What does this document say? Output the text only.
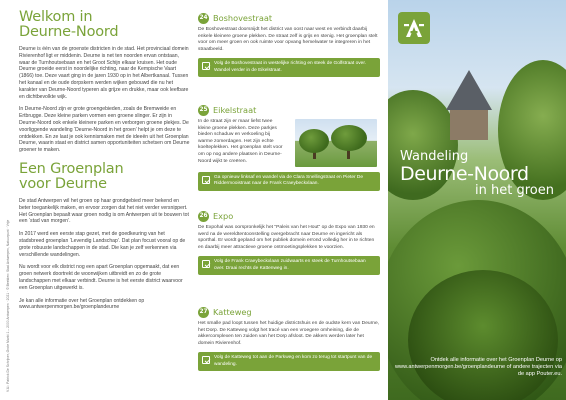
V.U.: Patrick De Schrijver, Grote Markt 1 – 2000 Antwerpen · 2021 · © Beelden: Stad Antwerpen, Natuurpunt · Vrije
Welkom in
Deurne-Noord

Deurne is één van de groenste districten in de stad. Het provinciaal domein Rivierenhof ligt er middenin. Deurne is net ten noorden ervan ontstaan, waar de Turnhoutsebaan en het Groot Schijn elkaar kruisen. Het oude Deurne groeide eerst in noordelijke richting, naar de Kempische Vaart (1866) toe. Deze vaart ging in de jaren 1930 op in het Albertkanaal. Tussen het kanaal en de oude dorpskern werden wijken gebouwd die nu het karakter van Deurne-Noord typeren als grijze en drukke, maar ook leefbare en dichtbevolkte wijk.

In Deurne-Noord zijn er grote groengebieden, zoals de Bremweide en Ertbrugge. Deze kleine parken vormen een groene slinger. Er zijn in Deurne-Noord ook enkele kleinere parken en verborgen groene plekjes. De voorliggende wandeling ‘Deurne-Noord in het groen’ helpt je om deze te ontdekken. En ze laat je ook kennismaken met de ideeën uit het Groenplan Deurne, waarin staat en district samen opportuniteiten schetsen om Deurne groener te maken.

Een Groenplan
voor Deurne

De stad Antwerpen wil het groen op haar grondgebied meer bekend en beter toegankelijk maken, en ervoor zorgen dat het niet verder versnippert. Het Groenplan bepaalt waar groen nodig is om Antwerpen uit te bouwen tot een ‘stad van morgen’.

In 2017 werd een eerste stap gezet, met de goedkeuring van het stadsbreed groenplan ‘Levendig Landschap’. Dat plan focust vooral op de grote robuuste landschappen in de stad. Die kan je zelf verkennen via verschillende wandelingen.

Nu wordt voor elk district nog een apart Groenplan opgemaakt, dat een groen netwerk doortrekt de woonwijken uitbreidt en zo de grote landschappen met elkaar verbindt. Deurne is het eerste district waarvoor een Groenplan uitgewerkt is.

Je kan alle informatie over het Groenplan ontdekken op www.antwerpenmorgen.be/groenplandeurne

24 Boshovestraat
De Boshovestraat doorsnijdt het district van oost naar west en verbindt daarbij enkele kleinere groene plekken. De straat zelf is grijs en stenig. Het groenplan stelt voor om meer groen en ook ruimte voor opvang hemelwater te integreren in het straatbeeld.
Volg de Boshovestraat in westelijke richting en steek de Golfstraat over. Wandel verder in de Eikelstraat.
25 Eikelstraat
In de straat zijn er maar liefst twee kleine groene plekken. Deze parkjes bieden schaduw en verkoeling bij warme zomerdagen. Het zijn echte koelteplekken. Het groenplan stelt voor om op nog andere plaatsen in Deurne-Noord wijkt te creëren.
Ga opnieuw linksaf en wandel via de Clara Snellingstraat en Pieter De Riddermooistraat naar de Frank Craeybeckxlaan.
26 Expo
De Expohal was oorspronkelijk het "Paleis van het Hout" op de Expo van 1930 en werd na de wereldtentoonstelling overgebracht naar Deurne en ingericht als sporthal. Er wordt gepland om het publiek domein errond volledig her in te richten en daarbij meer attractieve groene ontmoetingsplekken te voorzien.
Volg de Frank Craeybeckxlaan zuidwaarts en steek de Turnhoutsebaan over. Draai rechts de Kattenweg in.
27 Katteweg
Het smalle pad loopt tussen het huidige districtshuis en de oudste kern van Deurne, het Dorp. De Katteweg volgt het tracé van een vroegere omheining, die de akkercomplexen ten zuiden van het Dorp afsloot. De akkers werden later het domein Rivierenhof.
Volg de Katteweg tot aan de Parkweg en kom zo terug tot startpunt van de wandeling.
Wandeling
Deurne-Noord
in het groen
Ontdek alle informatie over het Groenplan Deurne op www.antwerpenmorgen.be/groenplandeurne of andere trajecten via de app Pouter.eu.
